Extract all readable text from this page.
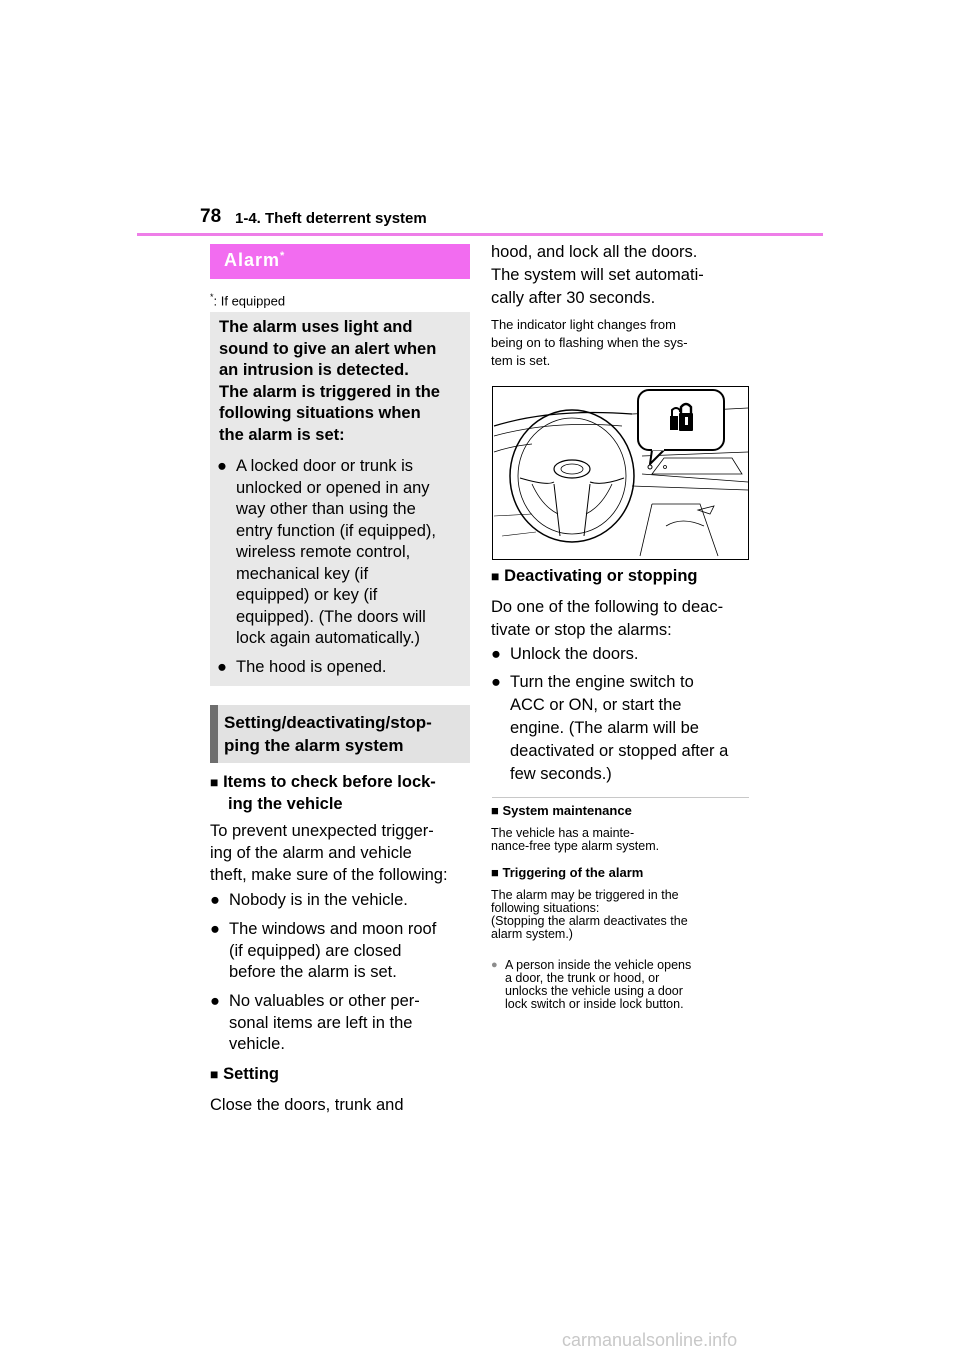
78 1-4. Theft deterrent system
Alarm*
*: If equipped
The alarm uses light and
sound to give an alert when
an intrusion is detected.
The alarm is triggered in the
following situations when
the alarm is set:
● A locked door or trunk is
unlocked or opened in any
way other than using the
entry function (if equipped),
wireless remote control,
mechanical key (if
equipped) or key (if
equipped). (The doors will
lock again automatically.)
● The hood is opened.
Setting/deactivating/stop-
ping the alarm system
■ Items to check before lock-
ing the vehicle
To prevent unexpected trigger-
ing of the alarm and vehicle
theft, make sure of the following:
● Nobody is in the vehicle.
● The windows and moon roof
(if equipped) are closed
before the alarm is set.
● No valuables or other per-
sonal items are left in the
vehicle.
■ Setting
Close the doors, trunk and
hood, and lock all the doors.
The system will set automati-
cally after 30 seconds.
The indicator light changes from
being on to flashing when the sys-
tem is set.
■ Deactivating or stopping
Do one of the following to deac-
tivate or stop the alarms:
● Unlock the doors.
● Turn the engine switch to
ACC or ON, or start the
engine. (The alarm will be
deactivated or stopped after a
few seconds.)
■ System maintenance
The vehicle has a mainte-
nance-free type alarm system.
■ Triggering of the alarm
The alarm may be triggered in the
following situations:
(Stopping the alarm deactivates the
alarm system.)
● A person inside the vehicle opens
a door, the trunk or hood, or
unlocks the vehicle using a door
lock switch or inside lock button.
carmanualsonline.info
